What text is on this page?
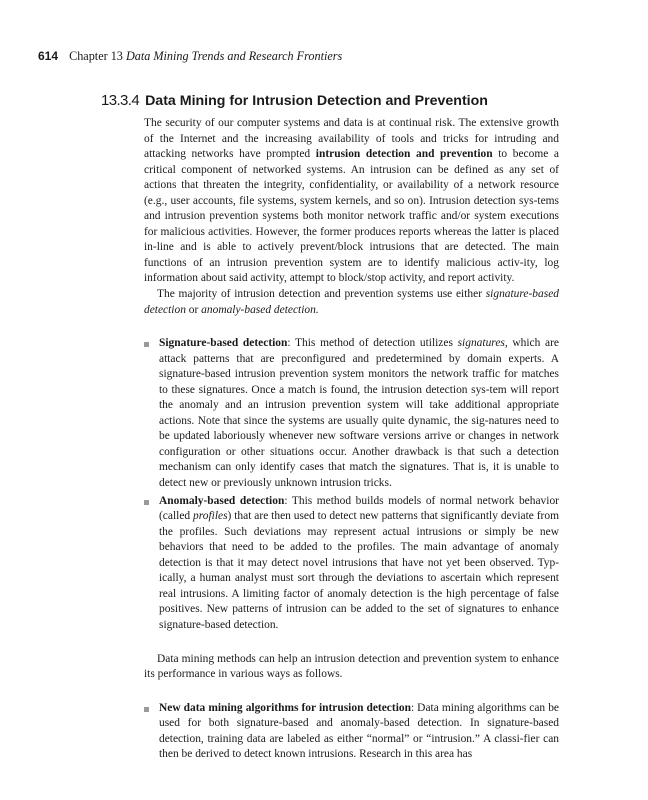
614 Chapter 13 Data Mining Trends and Research Frontiers
13.3.4 Data Mining for Intrusion Detection and Prevention

The security of our computer systems and data is at continual risk. The extensive growth of the Internet and the increasing availability of tools and tricks for intruding and attacking networks have prompted intrusion detection and prevention to become a critical component of networked systems. An intrusion can be defined as any set of actions that threaten the integrity, confidentiality, or availability of a network resource (e.g., user accounts, file systems, system kernels, and so on). Intrusion detection sys-tems and intrusion prevention systems both monitor network traffic and/or system executions for malicious activities. However, the former produces reports whereas the latter is placed in-line and is able to actively prevent/block intrusions that are detected. The main functions of an intrusion prevention system are to identify malicious activ-ity, log information about said activity, attempt to block/stop activity, and report activity.

The majority of intrusion detection and prevention systems use either signature-based detection or anomaly-based detection.

Signature-based detection: This method of detection utilizes signatures, which are attack patterns that are preconfigured and predetermined by domain experts. A signature-based intrusion prevention system monitors the network traffic for matches to these signatures. Once a match is found, the intrusion detection sys-tem will report the anomaly and an intrusion prevention system will take additional appropriate actions. Note that since the systems are usually quite dynamic, the sig-natures need to be updated laboriously whenever new software versions arrive or changes in network configuration or other situations occur. Another drawback is that such a detection mechanism can only identify cases that match the signatures. That is, it is unable to detect new or previously unknown intrusion tricks.
Anomaly-based detection: This method builds models of normal network behavior (called profiles) that are then used to detect new patterns that significantly deviate from the profiles. Such deviations may represent actual intrusions or simply be new behaviors that need to be added to the profiles. The main advantage of anomaly detection is that it may detect novel intrusions that have not yet been observed. Typ-ically, a human analyst must sort through the deviations to ascertain which represent real intrusions. A limiting factor of anomaly detection is the high percentage of false positives. New patterns of intrusion can be added to the set of signatures to enhance signature-based detection.

Data mining methods can help an intrusion detection and prevention system to enhance its performance in various ways as follows.

New data mining algorithms for intrusion detection: Data mining algorithms can be used for both signature-based and anomaly-based detection. In signature-based detection, training data are labeled as either “normal” or “intrusion.” A classi-fier can then be derived to detect known intrusions. Research in this area has
